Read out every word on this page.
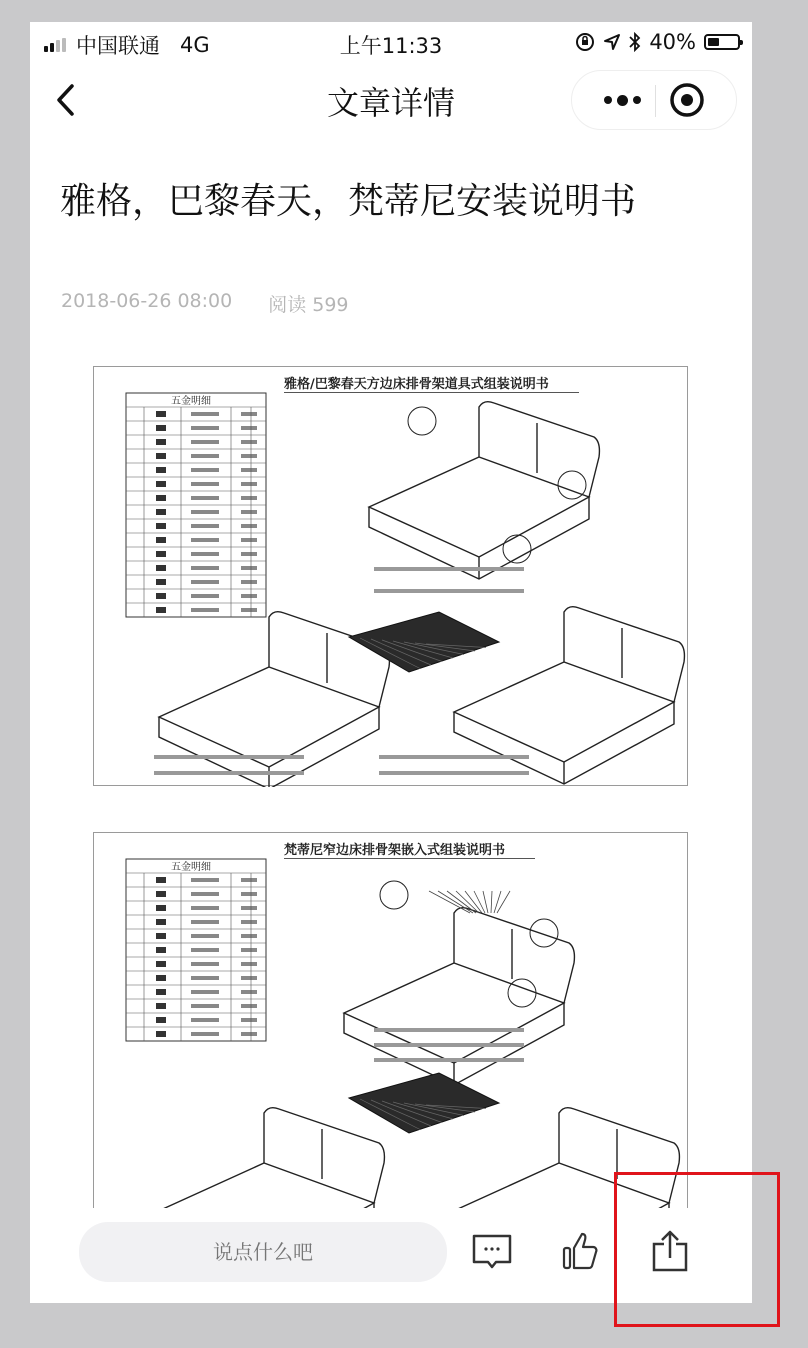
中国联通 4G	上午11:33	40%
文章详情
雅格，巴黎春天，梵蒂尼安装说明书
2018-06-26 08:00 阅读 599
雅格/巴黎春天方边床排骨架道具式组装说明书
五金明细
梵蒂尼窄边床排骨架嵌入式组装说明书
五金明细
说点什么吧
